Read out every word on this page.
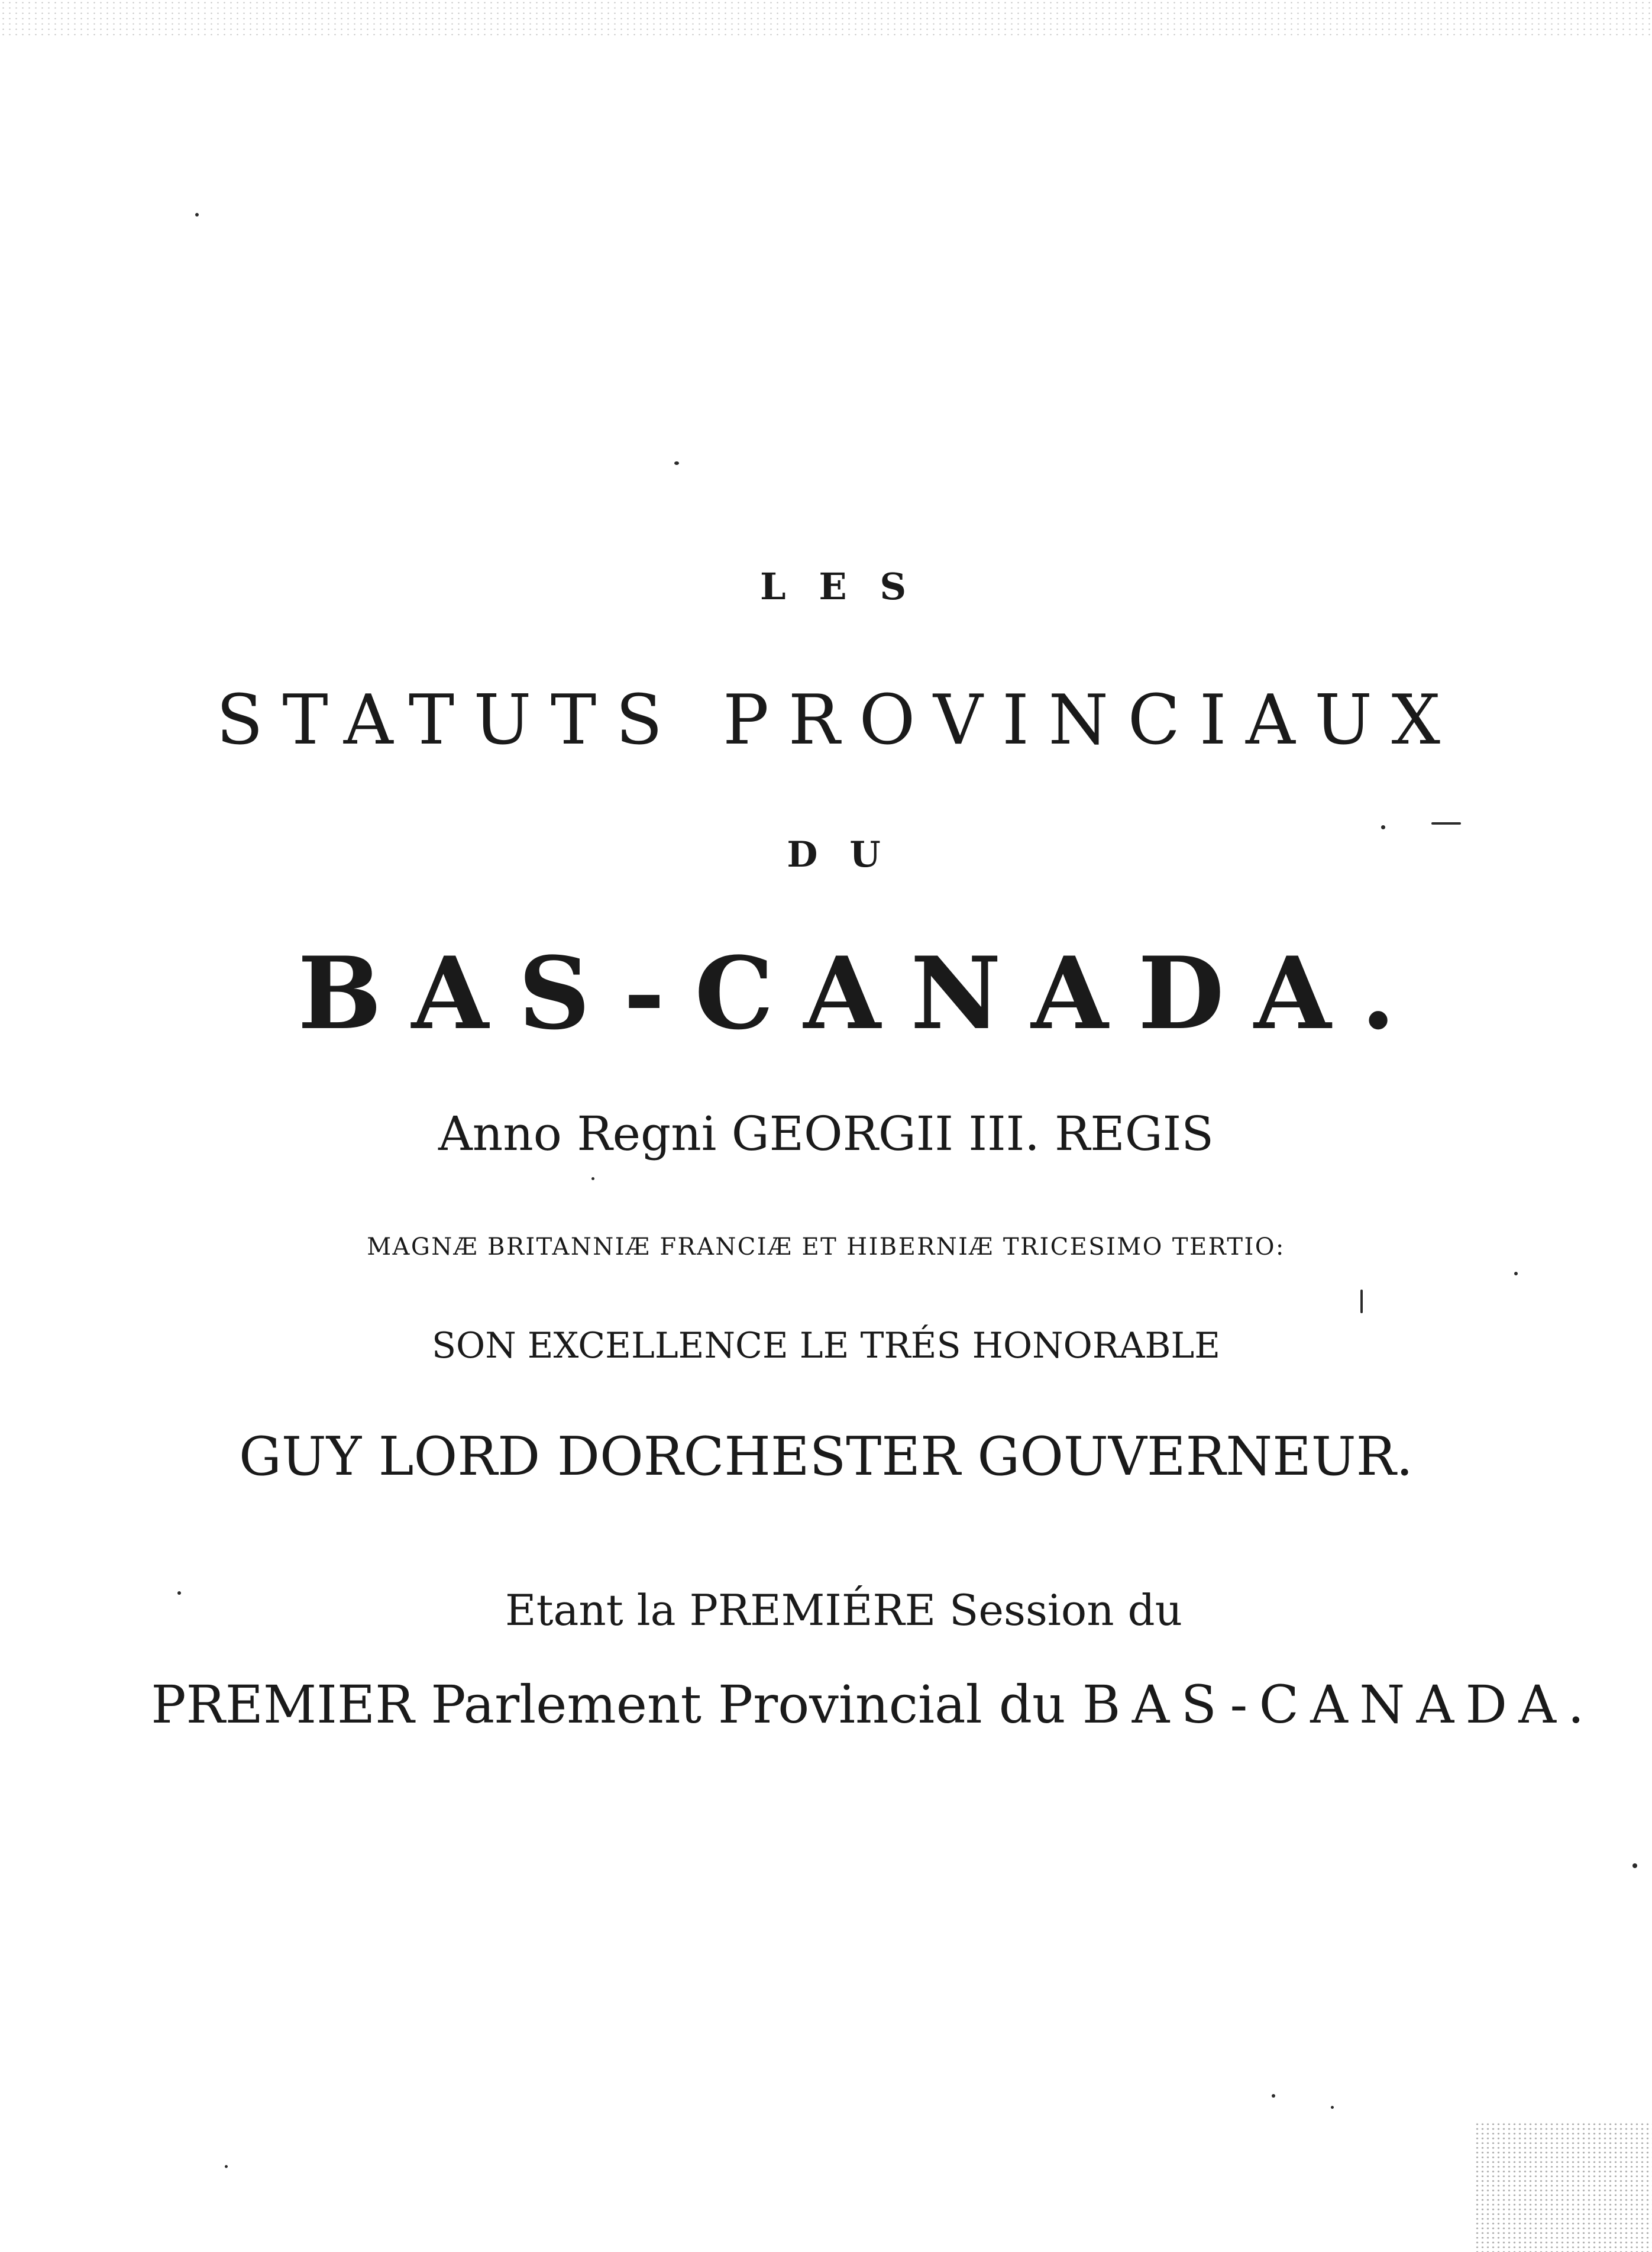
LES
STATUTS PROVINCIAUX
DU
BAS-CANADA.
Anno Regni GEORGII III. REGIS
MAGNÆ BRITANNIÆ FRANCIÆ ET HIBERNIÆ TRICESIMO TERTIO:
SON EXCELLENCE LE TRÉS HONORABLE
GUY LORD DORCHESTER GOUVERNEUR.
Etant la PREMIÉRE Session du
PREMIER Parlement Provincial du BAS-CANADA.
